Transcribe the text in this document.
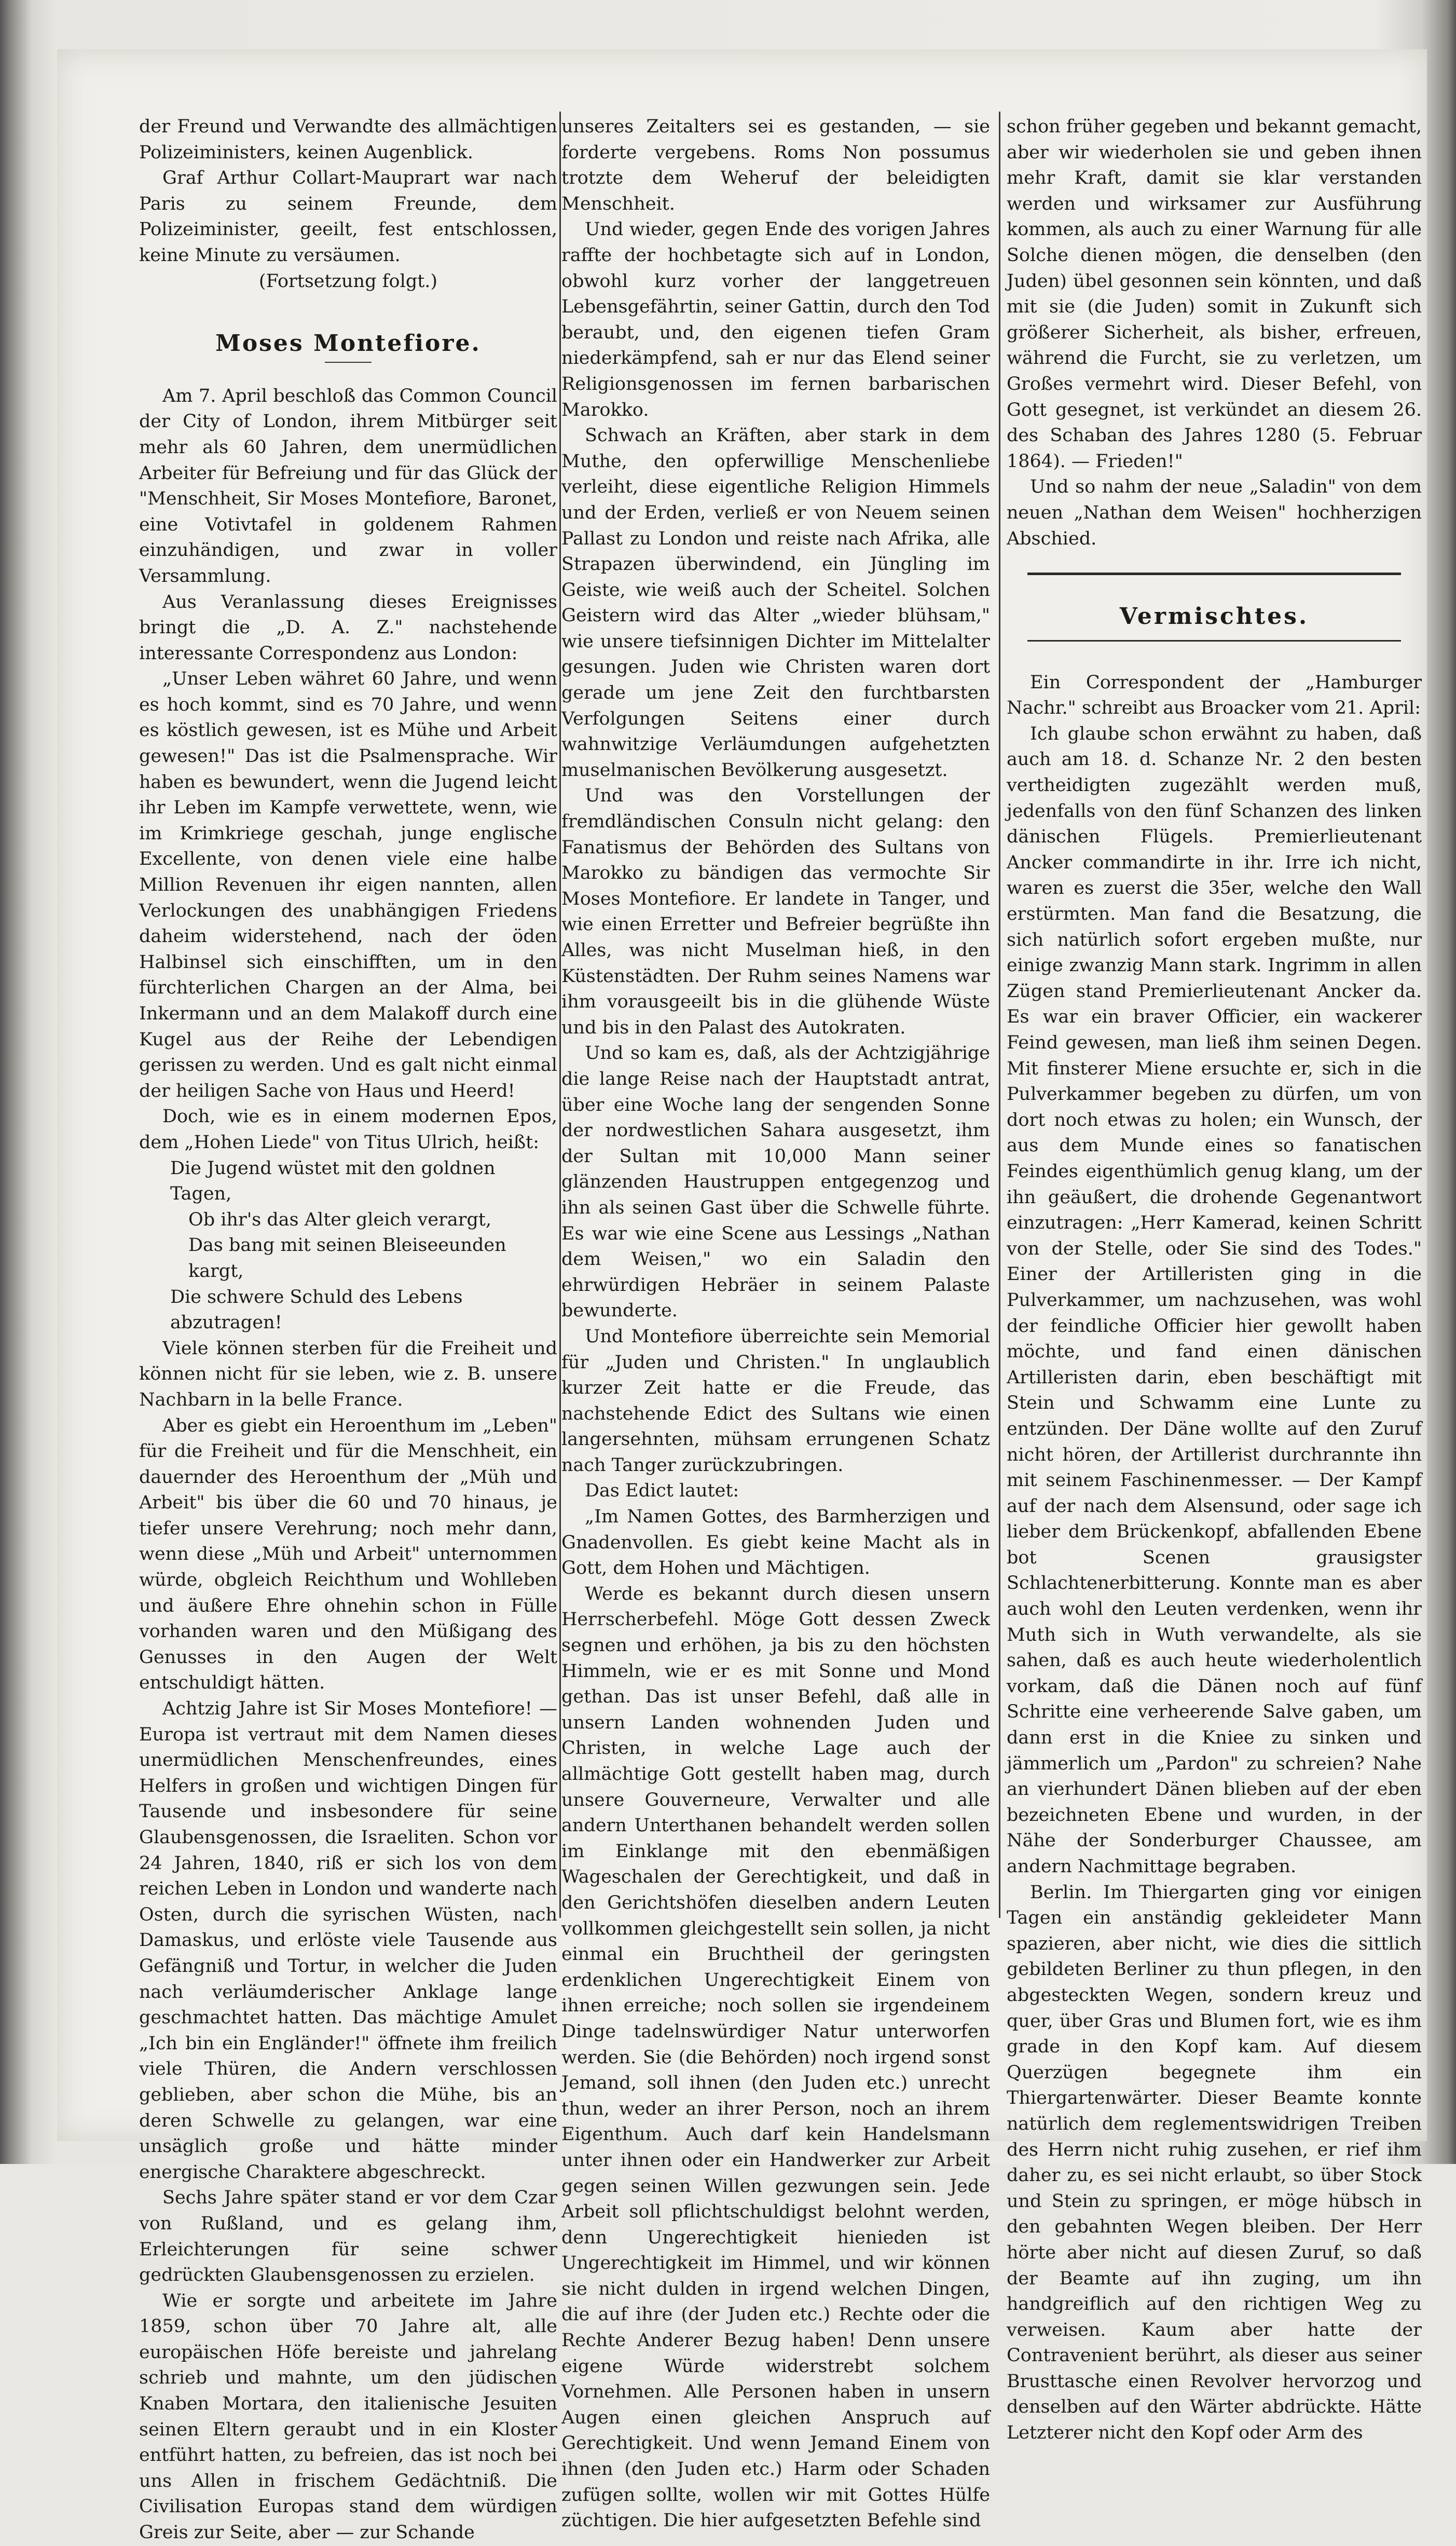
der Freund und Verwandte des allmächtigen Polizeiministers, keinen Augenblick.

Graf Arthur Collart-Mauprart war nach Paris zu seinem Freunde, dem Polizeiminister, geeilt, fest entschlossen, keine Minute zu versäumen.

(Fortsetzung folgt.)

Moses Montefiore.

Am 7. April beschloß das Common Council der City of London, ihrem Mitbürger seit mehr als 60 Jahren, dem unermüdlichen Arbeiter für Befreiung und für das Glück der "Menschheit, Sir Moses Montefiore, Baronet, eine Votivtafel in goldenem Rahmen einzuhändigen, und zwar in voller Versammlung.

Aus Veranlassung dieses Ereignisses bringt die „D. A. Z." nachstehende interessante Correspondenz aus London:

„Unser Leben währet 60 Jahre, und wenn es hoch kommt, sind es 70 Jahre, und wenn es köstlich gewesen, ist es Mühe und Arbeit gewesen!" Das ist die Psalmensprache. Wir haben es bewundert, wenn die Jugend leicht ihr Leben im Kampfe verwettete, wenn, wie im Krimkriege geschah, junge englische Excellente, von denen viele eine halbe Million Revenuen ihr eigen nannten, allen Verlockungen des unabhängigen Friedens daheim widerstehend, nach der öden Halbinsel sich einschifften, um in den fürchterlichen Chargen an der Alma, bei Inkermann und an dem Malakoff durch eine Kugel aus der Reihe der Lebendigen gerissen zu werden. Und es galt nicht einmal der heiligen Sache von Haus und Heerd!

Doch, wie es in einem modernen Epos, dem „Hohen Liede" von Titus Ulrich, heißt:

Die Jugend wüstet mit den goldnen Tagen,

Ob ihr's das Alter gleich verargt,

Das bang mit seinen Bleiseeunden kargt,

Die schwere Schuld des Lebens abzutragen!

Viele können sterben für die Freiheit und können nicht für sie leben, wie z. B. unsere Nachbarn in la belle France.

Aber es giebt ein Heroenthum im „Leben" für die Freiheit und für die Menschheit, ein dauernder des Heroenthum der „Müh und Arbeit" bis über die 60 und 70 hinaus, je tiefer unsere Verehrung; noch mehr dann, wenn diese „Müh und Arbeit" unternommen würde, obgleich Reichthum und Wohlleben und äußere Ehre ohnehin schon in Fülle vorhanden waren und den Müßigang des Genusses in den Augen der Welt entschuldigt hätten.

Achtzig Jahre ist Sir Moses Montefiore! — Europa ist vertraut mit dem Namen dieses unermüdlichen Menschenfreundes, eines Helfers in großen und wichtigen Dingen für Tausende und insbesondere für seine Glaubensgenossen, die Israeliten. Schon vor 24 Jahren, 1840, riß er sich los von dem reichen Leben in London und wanderte nach Osten, durch die syrischen Wüsten, nach Damaskus, und erlöste viele Tausende aus Gefängniß und Tortur, in welcher die Juden nach verläumderischer Anklage lange geschmachtet hatten. Das mächtige Amulet „Ich bin ein Engländer!" öffnete ihm freilich viele Thüren, die Andern verschlossen geblieben, aber schon die Mühe, bis an deren Schwelle zu gelangen, war eine unsäglich große und hätte minder energische Charaktere abgeschreckt.

Sechs Jahre später stand er vor dem Czar von Rußland, und es gelang ihm, Erleichterungen für seine schwer gedrückten Glaubensgenossen zu erzielen.

Wie er sorgte und arbeitete im Jahre 1859, schon über 70 Jahre alt, alle europäischen Höfe bereiste und jahrelang schrieb und mahnte, um den jüdischen Knaben Mortara, den italienische Jesuiten seinen Eltern geraubt und in ein Kloster entführt hatten, zu befreien, das ist noch bei uns Allen in frischem Gedächtniß. Die Civilisation Europas stand dem würdigen Greis zur Seite, aber — zur Schande

unseres Zeitalters sei es gestanden, — sie forderte vergebens. Roms Non possumus trotzte dem Weheruf der beleidigten Menschheit.

Und wieder, gegen Ende des vorigen Jahres raffte der hochbetagte sich auf in London, obwohl kurz vorher der langgetreuen Lebensgefährtin, seiner Gattin, durch den Tod beraubt, und, den eigenen tiefen Gram niederkämpfend, sah er nur das Elend seiner Religionsgenossen im fernen barbarischen Marokko.

Schwach an Kräften, aber stark in dem Muthe, den opferwillige Menschenliebe verleiht, diese eigentliche Religion Himmels und der Erden, verließ er von Neuem seinen Pallast zu London und reiste nach Afrika, alle Strapazen überwindend, ein Jüngling im Geiste, wie weiß auch der Scheitel. Solchen Geistern wird das Alter „wieder blühsam," wie unsere tiefsinnigen Dichter im Mittelalter gesungen. Juden wie Christen waren dort gerade um jene Zeit den furchtbarsten Verfolgungen Seitens einer durch wahnwitzige Verläumdungen aufgehetzten muselmanischen Bevölkerung ausgesetzt.

Und was den Vorstellungen der fremdländischen Consuln nicht gelang: den Fanatismus der Behörden des Sultans von Marokko zu bändigen das vermochte Sir Moses Montefiore. Er landete in Tanger, und wie einen Erretter und Befreier begrüßte ihn Alles, was nicht Muselman hieß, in den Küstenstädten. Der Ruhm seines Namens war ihm vorausgeeilt bis in die glühende Wüste und bis in den Palast des Autokraten.

Und so kam es, daß, als der Achtzigjährige die lange Reise nach der Hauptstadt antrat, über eine Woche lang der sengenden Sonne der nordwestlichen Sahara ausgesetzt, ihm der Sultan mit 10,000 Mann seiner glänzenden Haustruppen entgegenzog und ihn als seinen Gast über die Schwelle führte. Es war wie eine Scene aus Lessings „Nathan dem Weisen," wo ein Saladin den ehrwürdigen Hebräer in seinem Palaste bewunderte.

Und Montefiore überreichte sein Memorial für „Juden und Christen." In unglaublich kurzer Zeit hatte er die Freude, das nachstehende Edict des Sultans wie einen langersehnten, mühsam errungenen Schatz nach Tanger zurückzubringen.

Das Edict lautet:

„Im Namen Gottes, des Barmherzigen und Gnadenvollen. Es giebt keine Macht als in Gott, dem Hohen und Mächtigen.

Werde es bekannt durch diesen unsern Herrscherbefehl. Möge Gott dessen Zweck segnen und erhöhen, ja bis zu den höchsten Himmeln, wie er es mit Sonne und Mond gethan. Das ist unser Befehl, daß alle in unsern Landen wohnenden Juden und Christen, in welche Lage auch der allmächtige Gott gestellt haben mag, durch unsere Gouverneure, Verwalter und alle andern Unterthanen behandelt werden sollen im Einklange mit den ebenmäßigen Wageschalen der Gerechtigkeit, und daß in den Gerichtshöfen dieselben andern Leuten vollkommen gleichgestellt sein sollen, ja nicht einmal ein Bruchtheil der geringsten erdenklichen Ungerechtigkeit Einem von ihnen erreiche; noch sollen sie irgendeinem Dinge tadelnswürdiger Natur unterworfen werden. Sie (die Behörden) noch irgend sonst Jemand, soll ihnen (den Juden etc.) unrecht thun, weder an ihrer Person, noch an ihrem Eigenthum. Auch darf kein Handelsmann unter ihnen oder ein Handwerker zur Arbeit gegen seinen Willen gezwungen sein. Jede Arbeit soll pflichtschuldigst belohnt werden, denn Ungerechtigkeit hienieden ist Ungerechtigkeit im Himmel, und wir können sie nicht dulden in irgend welchen Dingen, die auf ihre (der Juden etc.) Rechte oder die Rechte Anderer Bezug haben! Denn unsere eigene Würde widerstrebt solchem Vornehmen. Alle Personen haben in unsern Augen einen gleichen Anspruch auf Gerechtigkeit. Und wenn Jemand Einem von ihnen (den Juden etc.) Harm oder Schaden zufügen sollte, wollen wir mit Gottes Hülfe züchtigen. Die hier aufgesetzten Befehle sind

schon früher gegeben und bekannt gemacht, aber wir wiederholen sie und geben ihnen mehr Kraft, damit sie klar verstanden werden und wirksamer zur Ausführung kommen, als auch zu einer Warnung für alle Solche dienen mögen, die denselben (den Juden) übel gesonnen sein könnten, und daß mit sie (die Juden) somit in Zukunft sich größerer Sicherheit, als bisher, erfreuen, während die Furcht, sie zu verletzen, um Großes vermehrt wird. Dieser Befehl, von Gott gesegnet, ist verkündet an diesem 26. des Schaban des Jahres 1280 (5. Februar 1864). — Frieden!"

Und so nahm der neue „Saladin" von dem neuen „Nathan dem Weisen" hochherzigen Abschied.

Vermischtes.

Ein Correspondent der „Hamburger Nachr." schreibt aus Broacker vom 21. April:

Ich glaube schon erwähnt zu haben, daß auch am 18. d. Schanze Nr. 2 den besten vertheidigten zugezählt werden muß, jedenfalls von den fünf Schanzen des linken dänischen Flügels. Premierlieutenant Ancker commandirte in ihr. Irre ich nicht, waren es zuerst die 35er, welche den Wall erstürmten. Man fand die Besatzung, die sich natürlich sofort ergeben mußte, nur einige zwanzig Mann stark. Ingrimm in allen Zügen stand Premierlieutenant Ancker da. Es war ein braver Officier, ein wackerer Feind gewesen, man ließ ihm seinen Degen. Mit finsterer Miene ersuchte er, sich in die Pulverkammer begeben zu dürfen, um von dort noch etwas zu holen; ein Wunsch, der aus dem Munde eines so fanatischen Feindes eigenthümlich genug klang, um der ihn geäußert, die drohende Gegenantwort einzutragen: „Herr Kamerad, keinen Schritt von der Stelle, oder Sie sind des Todes." Einer der Artilleristen ging in die Pulverkammer, um nachzusehen, was wohl der feindliche Officier hier gewollt haben möchte, und fand einen dänischen Artilleristen darin, eben beschäftigt mit Stein und Schwamm eine Lunte zu entzünden. Der Däne wollte auf den Zuruf nicht hören, der Artillerist durchrannte ihn mit seinem Faschinenmesser. — Der Kampf auf der nach dem Alsensund, oder sage ich lieber dem Brückenkopf, abfallenden Ebene bot Scenen grausigster Schlachtenerbitterung. Konnte man es aber auch wohl den Leuten verdenken, wenn ihr Muth sich in Wuth verwandelte, als sie sahen, daß es auch heute wiederholentlich vorkam, daß die Dänen noch auf fünf Schritte eine verheerende Salve gaben, um dann erst in die Kniee zu sinken und jämmerlich um „Pardon" zu schreien? Nahe an vierhundert Dänen blieben auf der eben bezeichneten Ebene und wurden, in der Nähe der Sonderburger Chaussee, am andern Nachmittage begraben.

Berlin. Im Thiergarten ging vor einigen Tagen ein anständig gekleideter Mann spazieren, aber nicht, wie dies die sittlich gebildeten Berliner zu thun pflegen, in den abgesteckten Wegen, sondern kreuz und quer, über Gras und Blumen fort, wie es ihm grade in den Kopf kam. Auf diesem Querzügen begegnete ihm ein Thiergartenwärter. Dieser Beamte konnte natürlich dem reglementswidrigen Treiben des Herrn nicht ruhig zusehen, er rief ihm daher zu, es sei nicht erlaubt, so über Stock und Stein zu springen, er möge hübsch in den gebahnten Wegen bleiben. Der Herr hörte aber nicht auf diesen Zuruf, so daß der Beamte auf ihn zuging, um ihn handgreiflich auf den richtigen Weg zu verweisen. Kaum aber hatte der Contravenient berührt, als dieser aus seiner Brusttasche einen Revolver hervorzog und denselben auf den Wärter abdrückte. Hätte Letzterer nicht den Kopf oder Arm des
